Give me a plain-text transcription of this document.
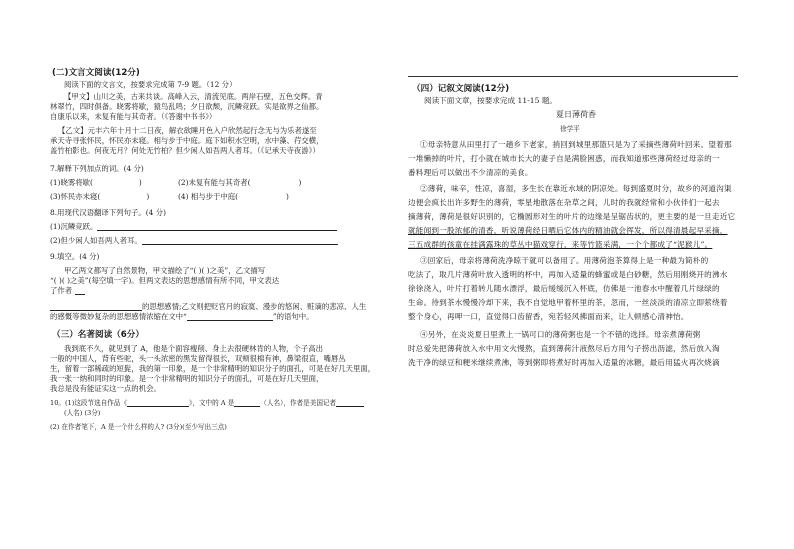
(二)文言文阅读(12分)
阅读下面的文言文，按要求完成第 7-9 题。（12 分）
【甲文】山川之美，古来共谈。高峰入云，清流见底。两岸石壁，五色交辉。青
林翠竹，四时俱备。晓雾将歇，猿鸟乱鸣；夕日欲颓，沉鳞竞跃。实是欲界之仙都。
自康乐以来，未复有能与其奇者。（《答谢中书书》）
【乙文】元丰六年十月十二日夜，解衣欲睡月色入户欣然起行念无与为乐者遂至
承天寺寻张怀民，怀民亦未寝。相与步于中庭。庭下如积水空明，水中藻、荇交横，
盖竹柏影也。何夜无月？何处无竹柏？但少闲人如吾两人者耳。（《记承天寺夜游》）
7.解释下列加点的词。(4 分)
(1)晓雾将歇(	)	(2)未复有能与其奇者(	)
(3)怀民亦未寝(	)	(4) 相与步于中庭(	)
8.用现代汉语翻译下列句子。(4 分)
(1)沉鳞竞跃。
(2)但少闲人如吾两人者耳。
9.填空。(4 分)
甲乙两文都写了自然景物，甲文描绘了“( )( )之美”，乙文描写
“( )( )之美”(每空填一字)。但两文表达的思想感情有所不同，甲文表达
了作者
的思想感情;乙文则把贬官月的寂寞、漫步的悠闲、赃谪的悲凉、人生
的感慨等微妙复杂的思想感情浓缩在文中“	”的语句中。
（三）名著阅读（6分）
我到底不久，就见到了 A，他是个面容瘦削、身上去很硬林肯的人物，个子高出
一般的中国人，背有些驼，头一头浓密的黑发留得很长，双颊很棉有神，鼻梁很直，嘴唇丛
生，留着一部稀疏的短髭，我的第一印象，是一个非常精明的知识分子的面孔，可是在好几天里面，
我一张一纳和同时的印象。是一个非常精明的知识分子的面孔，可是在好几天里面，
我总是没有能证实这一点的机会。
10。(1)这段节选自作品《	》，文中的 A 是	（人名），作者是美国记者
(人名) (3分)
(2) 在作者笔下，A 是一个什么样的人? (3分)(至少写出三点)
（四）记叙文阅读(12分)
阅读下面文章，按要求完成 11-15 题。
夏日薄荷香
徐学平
①母亲特意从田里打了一趟乡下老家，捎回到城里那篮只是为了采摘些薄荷叶回来。望着那
一堆懒掉的叶片，打小就在城市长大的妻子自是满脸困惑，而我知道那些薄荷经过母亲的一
番料理后可以做出不少清凉的美食。
②薄荷，味辛，性凉，喜湿，多生长在靠近水域的阴凉处。每到盛夏时分，故乡的河道沟渠
边便会疯长出许多野生的薄荷，零星地散落在杂草之间，儿时的我就经常和小伙伴们一起去
摘薄荷，薄荷是很好识别的，它椭圆形对生的叶片的边缘是呈锯齿状的，更主要的是一旦走近它
就能闻到一股浓郁的清香，听说薄荷经日晒后它体内的精油就会挥发，所以得清晨起早采摘，
三五成群的孩童在挂满露珠的草丛中猫戏穿行，来等竹篮采满，一个个都成了“泥猴儿”。
③回家后，母亲将薄荷洗净晾干就可以备用了。用薄荷泡茶算得上是一种最为简朴的
吃法了，取几片薄荷叶放入透明的杯中，再加入适量的蜂蜜或是白砂糖，然后用刚烧开的沸水
徐徐浇入，叶片打着转儿随水漂浮，最后缓缓沉入杯底，仿佛是一池春水中醒着几片绿绿的
生命。待到茶水慢慢冷却下来，我不自觉地甲着杯里的茶，忽而，一丝淡淡的清凉立即萦绕着
整个身心，再呷一口，直觉得口齿留香，宛若轻风拂面而来，让人顿感心清神怡。
④另外，在炎炎夏日里煮上一锅可口的薄荷粥也是一个不错的选择。母亲煮薄荷粥
时总爱先把薄荷放入水中用文火慢熬，直到薄荷汁液熬尽后方用勺子捞出沥滤，然后放入淘
洗干净的绿豆和粳米继续煮沸，等到粥即将煮好时再加入适量的冰糖，最后用猛火再次烧滴
